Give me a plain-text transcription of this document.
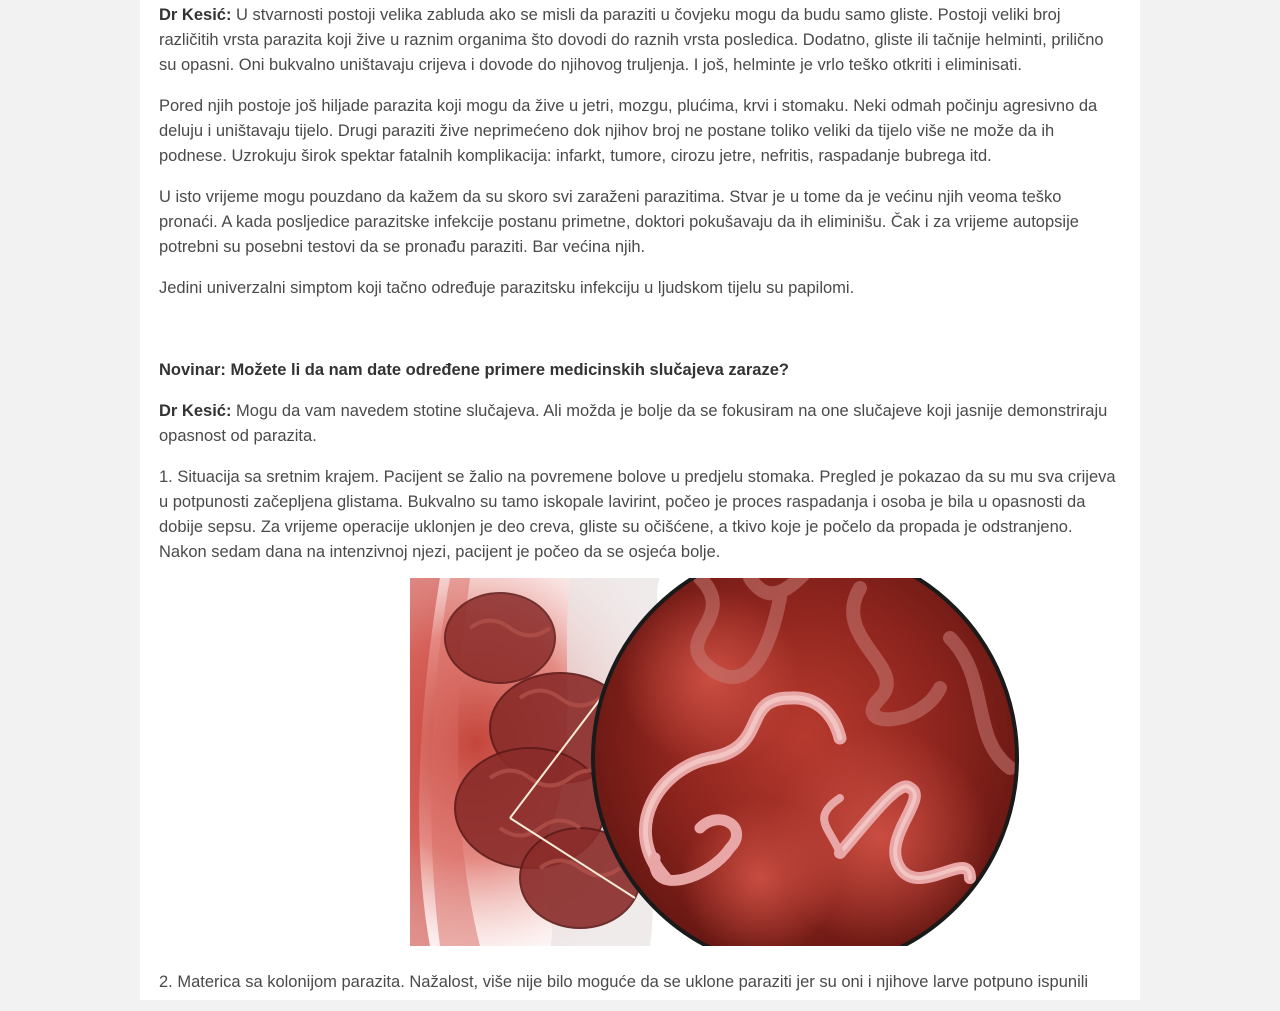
Dr Kesić: U stvarnosti postoji velika zabluda ako se misli da paraziti u čovjeku mogu da budu samo gliste. Postoji veliki broj različitih vrsta parazita koji žive u raznim organima što dovodi do raznih vrsta posledica. Dodatno, gliste ili tačnije helminti, prilično su opasni. Oni bukvalno uništavaju crijeva i dovode do njihovog truljenja. I još, helminte je vrlo teško otkriti i eliminisati.

Pored njih postoje još hiljade parazita koji mogu da žive u jetri, mozgu, plućima, krvi i stomaku. Neki odmah počinju agresivno da deluju i uništavaju tijelo. Drugi paraziti žive neprimećeno dok njihov broj ne postane toliko veliki da tijelo više ne može da ih podnese. Uzrokuju širok spektar fatalnih komplikacija: infarkt, tumore, cirozu jetre, nefritis, raspadanje bubrega itd.

U isto vrijeme mogu pouzdano da kažem da su skoro svi zaraženi parazitima. Stvar je u tome da je većinu njih veoma teško pronaći. A kada posljedice parazitske infekcije postanu primetne, doktori pokušavaju da ih eliminišu. Čak i za vrijeme autopsije potrebni su posebni testovi da se pronađu paraziti. Bar većina njih.

Jedini univerzalni simptom koji tačno određuje parazitsku infekciju u ljudskom tijelu su papilomi.

Novinar: Možete li da nam date određene primere medicinskih slučajeva zaraze?

Dr Kesić: Mogu da vam navedem stotine slučajeva. Ali možda je bolje da se fokusiram na one slučajeve koji jasnije demonstriraju opasnost od parazita.

1. Situacija sa sretnim krajem. Pacijent se žalio na povremene bolove u predjelu stomaka. Pregled je pokazao da su mu sva crijeva u potpunosti začepljena glistama. Bukvalno su tamo iskopale lavirint, počeo je proces raspadanja i osoba je bila u opasnosti da dobije sepsu. Za vrijeme operacije uklonjen je deo creva, gliste su očišćene, a tkivo koje je počelo da propada je odstranjeno. Nakon sedam dana na intenzivnoj njezi, pacijent je počeo da se osjeća bolje.

2. Materica sa kolonijom parazita. Nažalost, više nije bilo moguće da se uklone paraziti jer su oni i njihove larve potpuno ispunili
